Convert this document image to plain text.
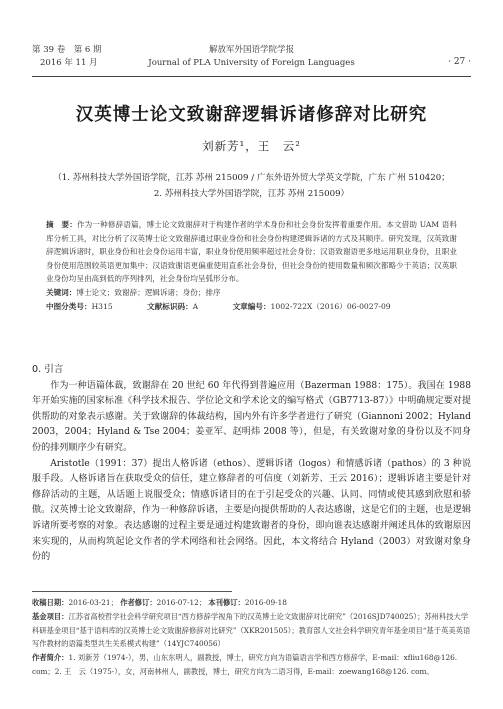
第 39 卷　第 6 期
2016 年 11 月
解放军外国语学院学报
Journal of PLA University of Foreign Languages	· 27 ·
汉英博士论文致谢辞逻辑诉诸修辞对比研究
刘新芳¹，王　云²
（1. 苏州科技大学外国语学院，江苏 苏州 215009 / 广东外语外贸大学英文学院，广东 广州 510420；
2. 苏州科技大学外国语学院，江苏 苏州 215009）
摘　要：作为一种修辞语篇，博士论文致谢辞对于构建作者的学术身份和社会身份发挥着重要作用。本文借助 UAM 语料库分析工具，对比分析了汉英博士论文致谢辞通过职业身份和社会身份构建逻辑诉诸的方式及其顺序。研究发现，汉英致谢辞逻辑诉诸时，职业身份和社会身份运用丰富，职业身份使用频率超过社会身份；汉语致谢语更多地运用职业身份，且职业身份使用范围较英语更加集中；汉语致谢语更偏重使用直系社会身份，但社会身份的使用数量和频次都略少于英语；汉英职业身份均呈由高到低的序列排列，社会身份均呈弧形分布。
关键词：博士论文；致谢辞；逻辑诉诸；身份；排序
中图分类号：H315	文献标识码：A	文章编号：1002-722X（2016）06-0027-09

0. 引言

作为一种语篇体裁，致谢辞在 20 世纪 60 年代得到普遍应用（Bazerman 1988：175）。我国在 1988 年开始实施的国家标准《科学技术报告、学位论文和学术论文的编写格式（GB7713-87）》中明确规定要对提供帮助的对象表示感谢。关于致谢辞的体裁结构，国内外有许多学者进行了研究（Giannoni 2002；Hyland 2003，2004；Hyland & Tse 2004；姜亚军、赵明炜 2008 等），但是，有关致谢对象的身份以及不同身份的排列顺序少有研究。

Aristotle（1991：37）提出人格诉诸（ethos）、逻辑诉诸（logos）和情感诉诸（pathos）的 3 种说服手段。人格诉诸旨在获取受众的信任，建立修辞者的可信度（刘新芳、王云 2016）；逻辑诉诸主要是针对修辞活动的主题，从话题上说服受众；情感诉诸目的在于引起受众的兴趣、认同、同情或使其感到欣慰和骄傲。汉英博士论文致谢辞，作为一种修辞诉诸，主要是向提供帮助的人表达感谢，这是它们的主题，也是逻辑诉诸所要考察的对象。表达感谢的过程主要是通过构建致谢者的身份，即向谁表达感谢并阐述具体的致谢原因来实现的，从而构筑起论文作者的学术网络和社会网络。因此，本文将结合 Hyland（2003）对致谢对象身份的

收稿日期：2016-03-21； 作者修订：2016-07-12； 本刊修订：2016-09-18

基金项目：江苏省高校哲学社会科学研究项目“西方修辞学视角下的汉英博士论文致谢辞对比研究”（2016SJD740025）；苏州科技大学科研基金项目“基于语料库的汉英博士论文致谢辞修辞对比研究”（XKR201505）；教育部人文社会科学研究青年基金项目“基于英美英语写作教材的语篇类型共生关系模式构建”（14YJC740056）

作者简介：1. 刘新芳（1974-），男，山东东明人，副教授，博士，研究方向为语篇语言学和西方修辞学，E-mail：xfliu168@126. com；2. 王　云（1975-），女，河南林州人，副教授，博士，研究方向为二语习得，E-mail：zoewang168@126. com。
